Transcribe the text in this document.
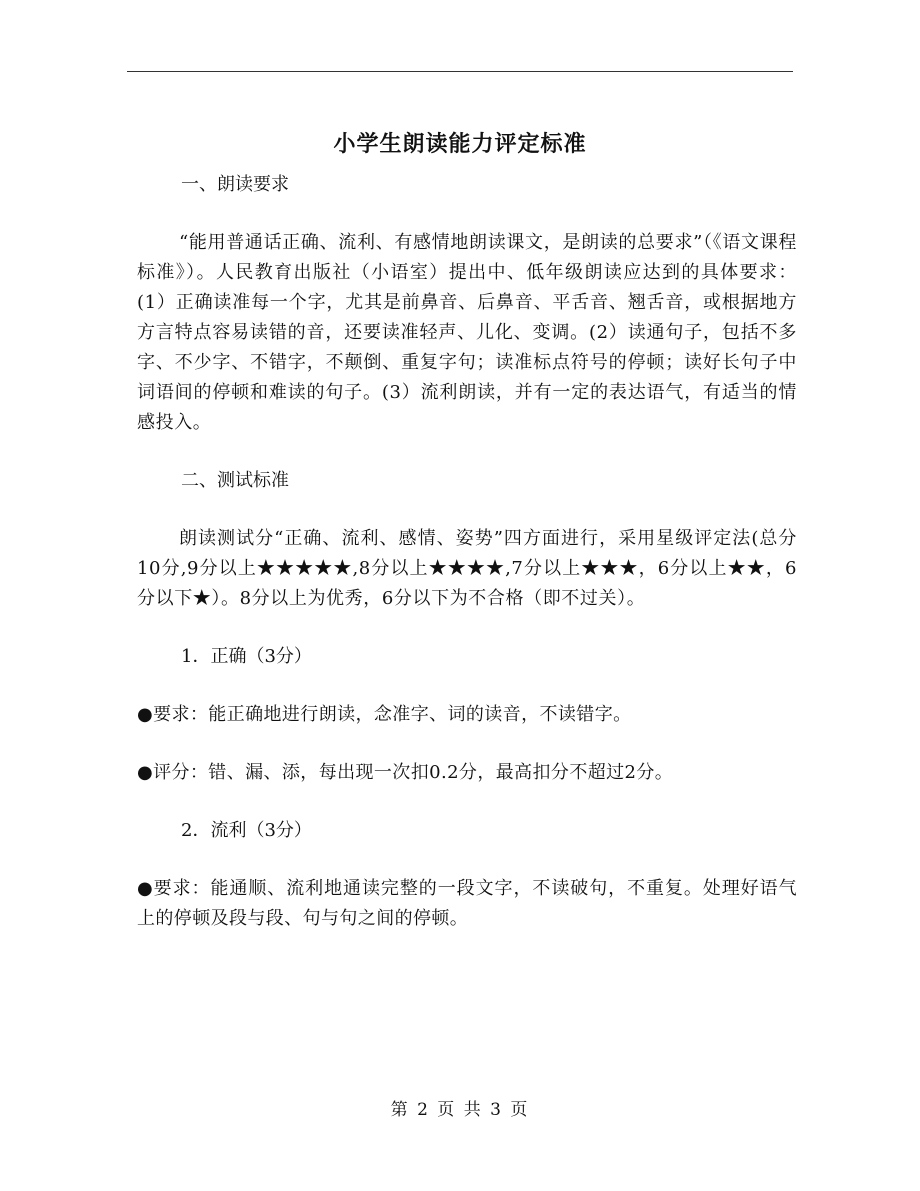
小学生朗读能力评定标准

一、朗读要求

“能用普通话正确、流利、有感情地朗读课文，是朗读的总要求”（《语文课程标准》）。人民教育出版社（小语室）提出中、低年级朗读应达到的具体要求：(1）正确读准每一个字，尤其是前鼻音、后鼻音、平舌音、翘舌音，或根据地方方言特点容易读错的音，还要读准轻声、儿化、变调。(2）读通句子，包括不多字、不少字、不错字，不颠倒、重复字句；读准标点符号的停顿；读好长句子中词语间的停顿和难读的句子。(3）流利朗读，并有一定的表达语气，有适当的情感投入。

二、测试标准

朗读测试分“正确、流利、感情、姿势”四方面进行，采用星级评定法(总分10分,9分以上★★★★★,8分以上★★★★,7分以上★★★，6分以上★★，6分以下★）。8分以上为优秀，6分以下为不合格（即不过关）。

1．正确（3分）

●要求：能正确地进行朗读，念准字、词的读音，不读错字。

●评分：错、漏、添，每出现一次扣0.2分，最高扣分不超过2分。

2．流利（3分）

●要求：能通顺、流利地通读完整的一段文字，不读破句，不重复。处理好语气上的停顿及段与段、句与句之间的停顿。

第 2 页 共 3 页
